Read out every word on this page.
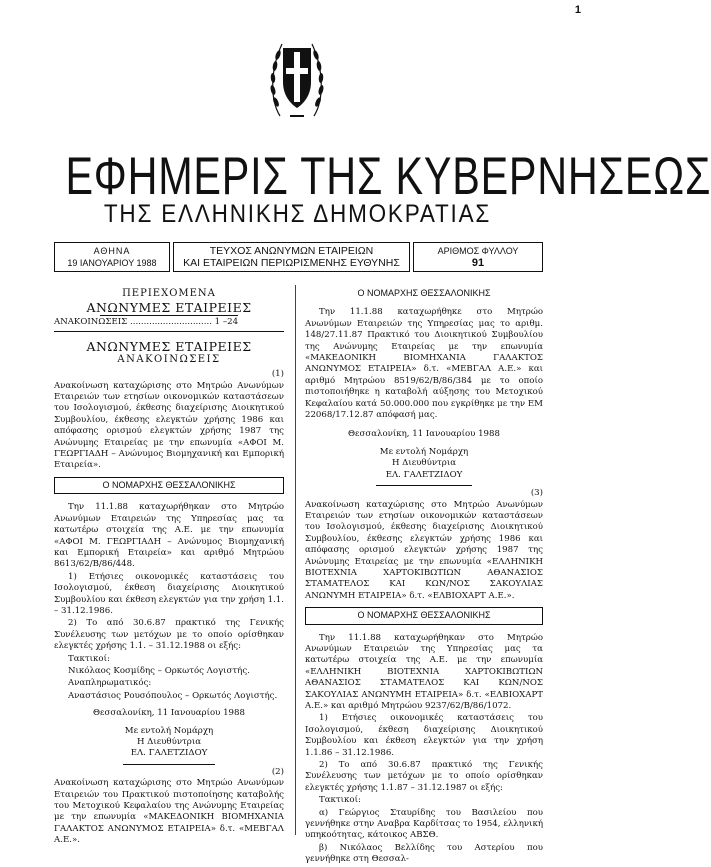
1
ΕΦΗΜΕΡΙΣ ΤΗΣ ΚΥΒΕΡΝΗΣΕΩΣ
ΤΗΣ ΕΛΛΗΝΙΚΗΣ ΔΗΜΟΚΡΑΤΙΑΣ
ΑΘΗΝΑ
19 ΙΑΝΟΥΑΡΙΟΥ 1988
ΤΕΥΧΟΣ ΑΝΩΝΥΜΩΝ ΕΤΑΙΡΕΙΩΝ
ΚΑΙ ΕΤΑΙΡΕΙΩΝ ΠΕΡΙΩΡΙΣΜΕΝΗΣ ΕΥΘΥΝΗΣ
ΑΡΙΘΜΟΣ ΦΥΛΛΟΥ
91
ΠΕΡΙΕΧΟΜΕΝΑ
ΑΝΩΝΥΜΕΣ ΕΤΑΙΡΕΙΕΣ
ΑΝΑΚΟΙΝΩΣΕΙΣ .............................. 1 –24
ΑΝΩΝΥΜΕΣ ΕΤΑΙΡΕΙΕΣ
ΑΝΑΚΟΙΝΩΣΕΙΣ
(1)

Ανακοίνωση καταχώρισης στο Μητρώο Ανωνύμων Εταιρειών των ετησίων οικονομικών καταστάσεων του Ισολογισμού, έκθεσης διαχείρισης Διοικητικού Συμβουλίου, έκθεσης ελεγκτών χρήσης 1986 και απόφασης ορισμού ελεγκτών χρήσης 1987 της Ανώνυμης Εταιρείας με την επωνυμία «ΑΦΟΙ Μ. ΓΕΩΡΓΙΑΔΗ – Ανώνυμος Βιομηχανική και Εμπορική Εταιρεία».

Ο ΝΟΜΑΡΧΗΣ ΘΕΣΣΑΛΟΝΙΚΗΣ

Την 11.1.88 καταχωρήθηκαν στο Μητρώο Ανωνύμων Εταιρειών της Υπηρεσίας μας τα κατωτέρω στοιχεία της Α.Ε. με την επωνυμία «ΑΦΟΙ Μ. ΓΕΩΡΓΙΑΔΗ – Ανώνυμος Βιομηχανική και Εμπορική Εταιρεία» και αριθμό Μητρώου 8613/62/Β/86/448.

1) Ετήσιες οικονομικές καταστάσεις του Ισολογισμού, έκθεση διαχείρισης Διοικητικού Συμβουλίου και έκθεση ελεγκτών για την χρήση 1.1. – 31.12.1986.

2) Το από 30.6.87 πρακτικό της Γενικής Συνέλευσης των μετόχων με το οποίο ορίσθηκαν ελεγκτές χρήσης 1.1. – 31.12.1988 οι εξής:

Τακτικοί:

Νικόλαος Κοσμίδης – Ορκωτός Λογιστής.

Αναπληρωματικός:

Αναστάσιος Ρουσόπουλος – Ορκωτός Λογιστής.

Θεσσαλονίκη, 11 Ιανουαρίου 1988
Με εντολή Νομάρχη
Η Διευθύντρια
ΕΛ. ΓΑΛΕΤΖΙΔΟΥ
(2)

Ανακοίνωση καταχώρισης στο Μητρώο Ανωνύμων Εταιρειών του Πρακτικού πιστοποίησης καταβολής του Μετοχικού Κεφαλαίου της Ανώνυμης Εταιρείας με την επωνυμία «ΜΑΚΕΔΟΝΙΚΗ ΒΙΟΜΗΧΑΝΙΑ ΓΑΛΑΚΤΟΣ ΑΝΩΝΥΜΟΣ ΕΤΑΙΡΕΙΑ» δ.τ. «ΜΕΒΓΑΛ Α.Ε.».

Ο ΝΟΜΑΡΧΗΣ ΘΕΣΣΑΛΟΝΙΚΗΣ

Την 11.1.88 καταχωρήθηκε στο Μητρώο Ανωνύμων Εταιρειών της Υπηρεσίας μας το αριθμ. 148/27.11.87 Πρακτικό του Διοικητικού Συμβουλίου της Ανώνυμης Εταιρείας με την επωνυμία «ΜΑΚΕΔΟΝΙΚΗ ΒΙΟΜΗΧΑΝΙΑ ΓΑΛΑΚΤΟΣ ΑΝΩΝΥΜΟΣ ΕΤΑΙΡΕΙΑ» δ.τ. «ΜΕΒΓΑΛ Α.Ε.» και αριθμό Μητρώου 8519/62/Β/86/384 με το οποίο πιστοποιήθηκε η καταβολή αύξησης του Μετοχικού Κεφαλαίου κατά 50.000.000 που εγκρίθηκε με την ΕΜ 22068/17.12.87 απόφασή μας.

Θεσσαλονίκη, 11 Ιανουαρίου 1988
Με εντολή Νομάρχη
Η Διευθύντρια
ΕΛ. ΓΑΛΕΤΖΙΔΟΥ
(3)

Ανακοίνωση καταχώρισης στο Μητρώο Ανωνύμων Εταιρειών των ετησίων οικονομικών καταστάσεων του Ισολογισμού, έκθεσης διαχείρισης Διοικητικού Συμβουλίου, έκθεσης ελεγκτών χρήσης 1986 και απόφασης ορισμού ελεγκτών χρήσης 1987 της Ανώνυμης Εταιρείας με την επωνυμία «ΕΛΛΗΝΙΚΗ ΒΙΟΤΕΧΝΙΑ ΧΑΡΤΟΚΙΒΩΤΙΩΝ ΑΘΑΝΑΣΙΟΣ ΣΤΑΜΑΤΕΛΟΣ ΚΑΙ ΚΩΝ/ΝΟΣ ΣΑΚΟΥΛΙΑΣ ΑΝΩΝΥΜΗ ΕΤΑΙΡΕΙΑ» δ.τ. «ΕΛΒΙΟΧΑΡΤ Α.Ε.».

Ο ΝΟΜΑΡΧΗΣ ΘΕΣΣΑΛΟΝΙΚΗΣ

Την 11.1.88 καταχωρήθηκαν στο Μητρώο Ανωνύμων Εταιρειών της Υπηρεσίας μας τα κατωτέρω στοιχεία της Α.Ε. με την επωνυμία «ΕΛΛΗΝΙΚΗ ΒΙΟΤΕΧΝΙΑ ΧΑΡΤΟΚΙΒΩΤΙΩΝ ΑΘΑΝΑΣΙΟΣ ΣΤΑΜΑΤΕΛΟΣ ΚΑΙ ΚΩΝ/ΝΟΣ ΣΑΚΟΥΛΙΑΣ ΑΝΩΝΥΜΗ ΕΤΑΙΡΕΙΑ» δ.τ. «ΕΛΒΙΟΧΑΡΤ Α.Ε.» και αριθμό Μητρώου 9237/62/Β/86/1072.

1) Ετήσιες οικονομικές καταστάσεις του Ισολογισμού, έκθεση διαχείρισης Διοικητικού Συμβουλίου και έκθεση ελεγκτών για την χρήση 1.1.86 – 31.12.1986.

2) Το από 30.6.87 πρακτικό της Γενικής Συνέλευσης των μετόχων με το οποίο ορίσθηκαν ελεγκτές χρήσης 1.1.87 – 31.12.1987 οι εξής:

Τακτικοί:

α) Γεώργιος Σταυρίδης του Βασιλείου που γεννήθηκε στην Αναβρα Καρδίτσας το 1954, ελληνική υπηκοότητας, κάτοικος ΑΒΣΘ.

β) Νικόλαος Βελλίδης του Αστερίου που γεννήθηκε στη Θεσσαλ-
